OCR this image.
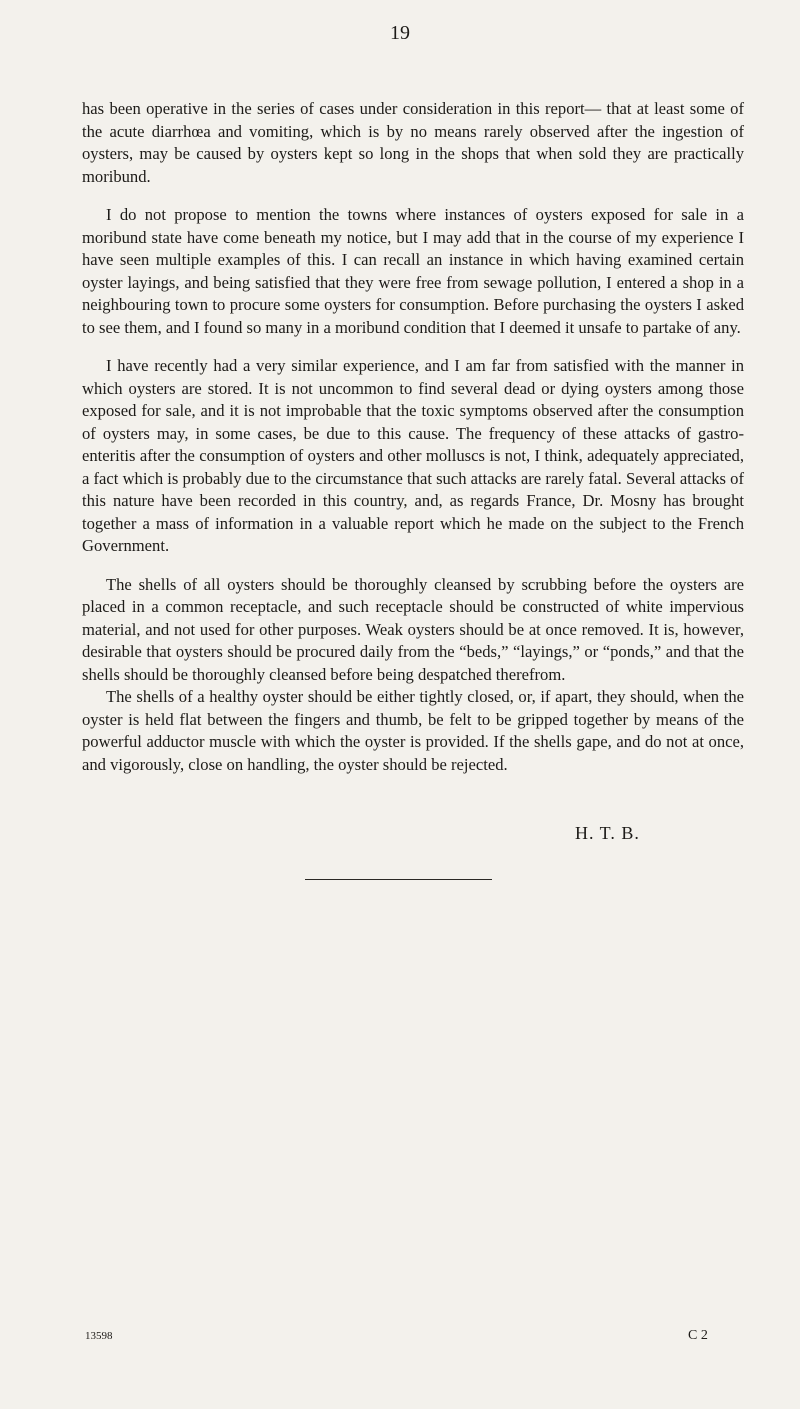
19

has been operative in the series of cases under consideration in this report— that at least some of the acute diarrhœa and vomiting, which is by no means rarely observed after the ingestion of oysters, may be caused by oysters kept so long in the shops that when sold they are practically moribund.

I do not propose to mention the towns where instances of oysters exposed for sale in a moribund state have come beneath my notice, but I may add that in the course of my experience I have seen multiple examples of this. I can recall an instance in which having examined certain oyster layings, and being satisfied that they were free from sewage pollution, I entered a shop in a neighbouring town to procure some oysters for consumption. Before purchasing the oysters I asked to see them, and I found so many in a moribund condition that I deemed it unsafe to partake of any.

I have recently had a very similar experience, and I am far from satisfied with the manner in which oysters are stored. It is not uncommon to find several dead or dying oysters among those exposed for sale, and it is not improbable that the toxic symptoms observed after the consumption of oysters may, in some cases, be due to this cause. The frequency of these attacks of gastro-enteritis after the consumption of oysters and other molluscs is not, I think, adequately appreciated, a fact which is probably due to the circumstance that such attacks are rarely fatal. Several attacks of this nature have been recorded in this country, and, as regards France, Dr. Mosny has brought together a mass of information in a valuable report which he made on the subject to the French Government.

The shells of all oysters should be thoroughly cleansed by scrubbing before the oysters are placed in a common receptacle, and such receptacle should be constructed of white impervious material, and not used for other purposes. Weak oysters should be at once removed. It is, however, desirable that oysters should be procured daily from the “beds,” “layings,” or “ponds,” and that the shells should be thoroughly cleansed before being despatched therefrom.

The shells of a healthy oyster should be either tightly closed, or, if apart, they should, when the oyster is held flat between the fingers and thumb, be felt to be gripped together by means of the powerful adductor muscle with which the oyster is provided. If the shells gape, and do not at once, and vigorously, close on handling, the oyster should be rejected.

H. T. B.
13598	C 2
